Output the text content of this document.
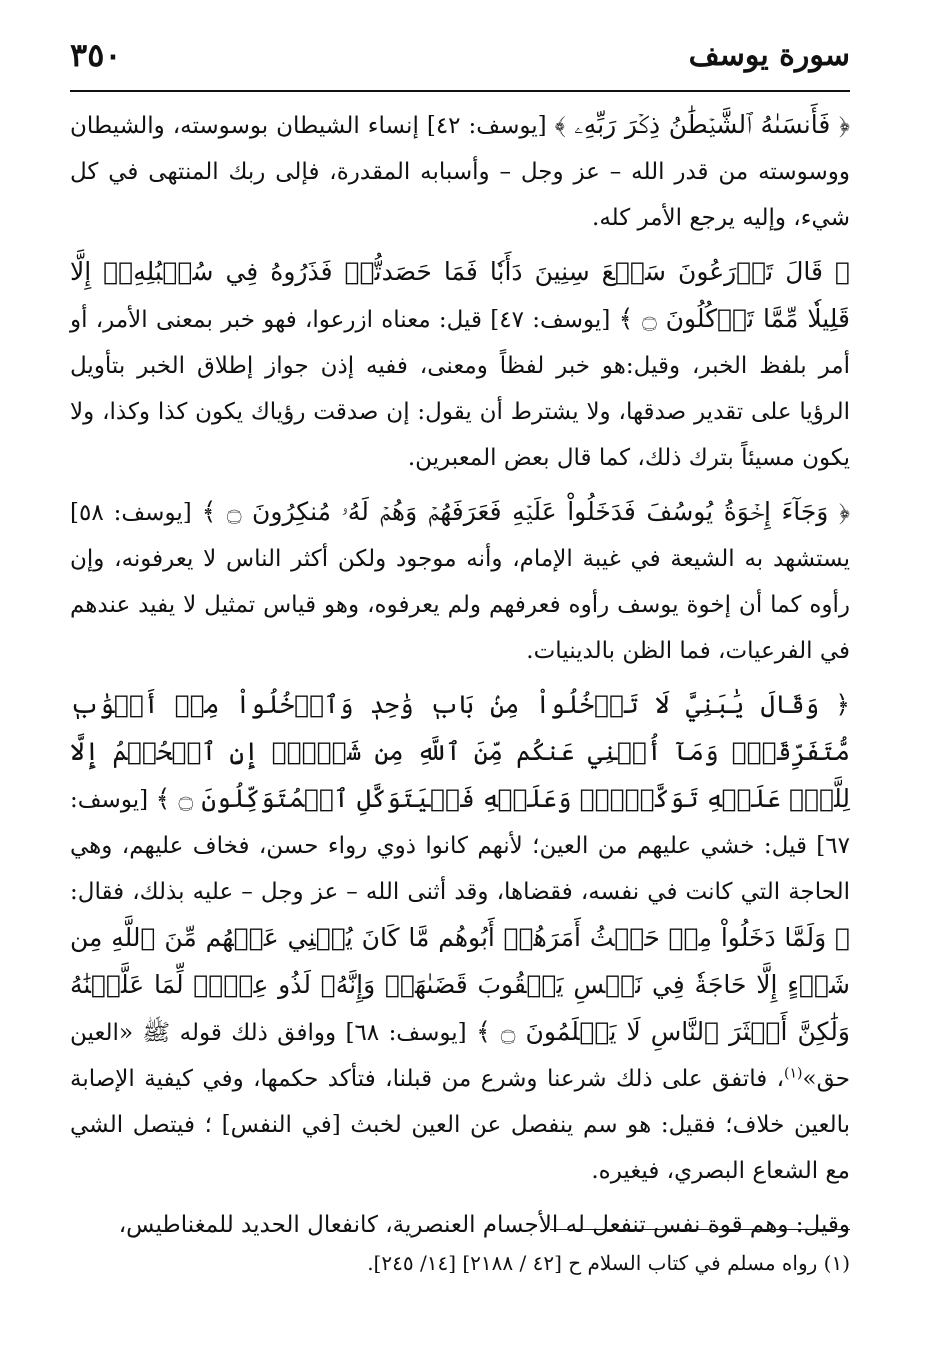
سورة يوسف
٣٥٠

﴿ فَأَنسَىٰهُ ٱلشَّيۡطَٰنُ ذِكۡرَ رَبِّهِۦ ﴾ [يوسف: ٤٢] إنساء الشيطان بوسوسته، والشيطان ووسوسته من قدر الله – عز وجل – وأسبابه المقدرة، فإلى ربك المنتهى في كل شيء، وإليه يرجع الأمر كله.

﴿ قَالَ تَزۡرَعُونَ سَبۡعَ سِنِينَ دَأَبٗا فَمَا حَصَدتُّمۡ فَذَرُوهُ فِي سُنۢبُلِهِۦٓ إِلَّا قَلِيلٗا مِّمَّا تَأۡكُلُونَ ۝ ﴾ [يوسف: ٤٧] قيل: معناه ازرعوا، فهو خبر بمعنى الأمر، أو أمر بلفظ الخبر، وقيل:هو خبر لفظاً ومعنى، ففيه إذن جواز إطلاق الخبر بتأويل الرؤيا على تقدير صدقها، ولا يشترط أن يقول: إن صدقت رؤياك يكون كذا وكذا، ولا يكون مسيئاً بترك ذلك، كما قال بعض المعبرين.

﴿ وَجَآءَ إِخۡوَةُ يُوسُفَ فَدَخَلُواْ عَلَيۡهِ فَعَرَفَهُمۡ وَهُمۡ لَهُۥ مُنكِرُونَ ۝ ﴾ [يوسف: ٥٨] يستشهد به الشيعة في غيبة الإمام، وأنه موجود ولكن أكثر الناس لا يعرفونه، وإن رأوه كما أن إخوة يوسف رأوه فعرفهم ولم يعرفوه، وهو قياس تمثيل لا يفيد عندهم في الفرعيات، فما الظن بالدينيات.

﴿ وَقَالَ يَٰبَنِيَّ لَا تَدۡخُلُواْ مِنۢ بَابٖ وَٰحِدٖ وَٱدۡخُلُواْ مِنۡ أَبۡوَٰبٖ مُّتَفَرِّقَةٖۖ وَمَآ أُغۡنِي عَنكُم مِّنَ ٱللَّهِ مِن شَيۡءٍۖ إِنِ ٱلۡحُكۡمُ إِلَّا لِلَّهِۖ عَلَيۡهِ تَوَكَّلۡتُۖ وَعَلَيۡهِ فَلۡيَتَوَكَّلِ ٱلۡمُتَوَكِّلُونَ ۝ ﴾ [يوسف: ٦٧] قيل: خشي عليهم من العين؛ لأنهم كانوا ذوي رواء حسن، فخاف عليهم، وهي الحاجة التي كانت في نفسه، فقضاها، وقد أثنى الله – عز وجل – عليه بذلك، فقال: ﴿ وَلَمَّا دَخَلُواْ مِنۡ حَيۡثُ أَمَرَهُمۡ أَبُوهُم مَّا كَانَ يُغۡنِي عَنۡهُم مِّنَ ٱللَّهِ مِن شَيۡءٍ إِلَّا حَاجَةٗ فِي نَفۡسِ يَعۡقُوبَ قَضَىٰهَاۚ وَإِنَّهُۥ لَذُو عِلۡمٖ لِّمَا عَلَّمۡنَٰهُ وَلَٰكِنَّ أَكۡثَرَ ٱلنَّاسِ لَا يَعۡلَمُونَ ۝ ﴾ [يوسف: ٦٨] ووافق ذلك قوله ﷺ «العين حق»$^{(١)}$، فاتفق على ذلك شرعنا وشرع من قبلنا، فتأكد حكمها، وفي كيفية الإصابة بالعين خلاف؛ فقيل: هو سم ينفصل عن العين لخبث [في النفس] ؛ فيتصل الشي مع الشعاع البصري، فيغيره.

وقيل: وهم قوة نفس تنفعل له الأجسام العنصرية، كانفعال الحديد للمغناطيس،

(١) رواه مسلم في كتاب السلام ح [٤٢ / ٢١٨٨] [١٤/ ٢٤٥].
